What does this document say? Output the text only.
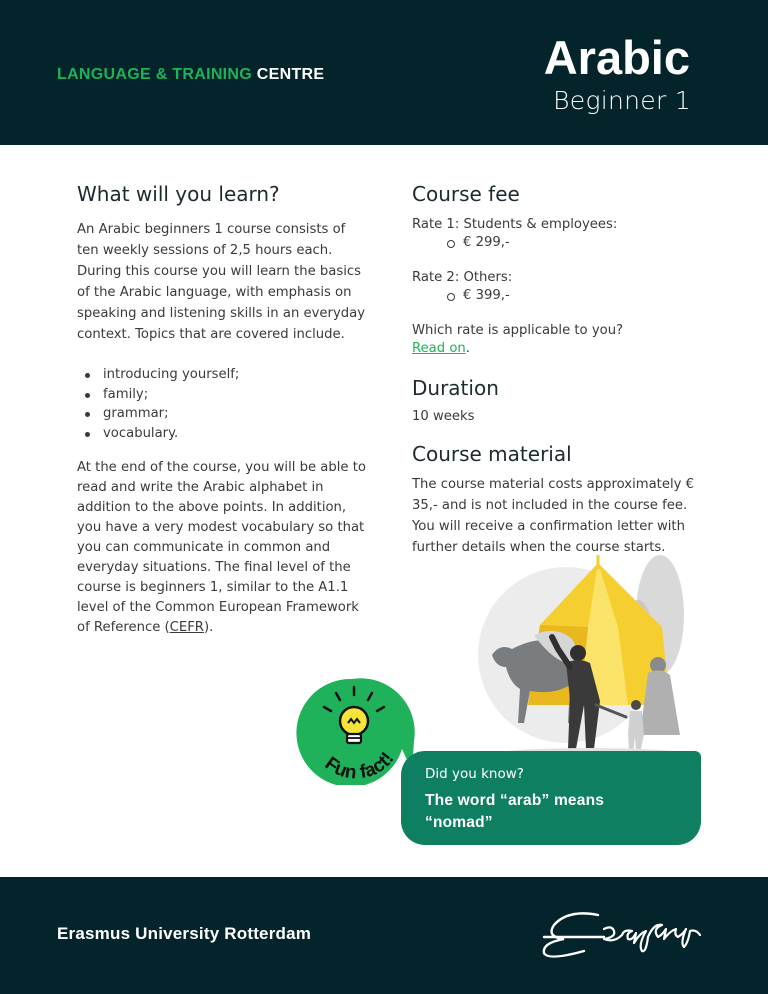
LANGUAGE & TRAINING CENTRE	Arabic
Beginner 1
What will you learn?

An Arabic beginners 1 course consists of ten weekly sessions of 2,5 hours each. During this course you will learn the basics of the Arabic language, with emphasis on speaking and listening skills in an everyday context. Topics that are covered include.

introducing yourself;
family;
grammar;
vocabulary.

At the end of the course, you will be able to read and write the Arabic alphabet in addition to the above points. In addition, you have a very modest vocabulary so that you can communicate in common and everyday situations. The final level of the course is beginners 1, similar to the A1.1 level of the Common European Framework of Reference (CEFR).

Course fee
Rate 1: Students & employees:
€ 299,-
Rate 2: Others:
€ 399,-
Which rate is applicable to you?
Read on.
Duration
10 weeks
Course material

The course material costs approximately € 35,- and is not included in the course fee. You will receive a confirmation letter with further details when the course starts.

Fun fact!
Did you know?
The word “arab” means “nomad”
Erasmus University Rotterdam
